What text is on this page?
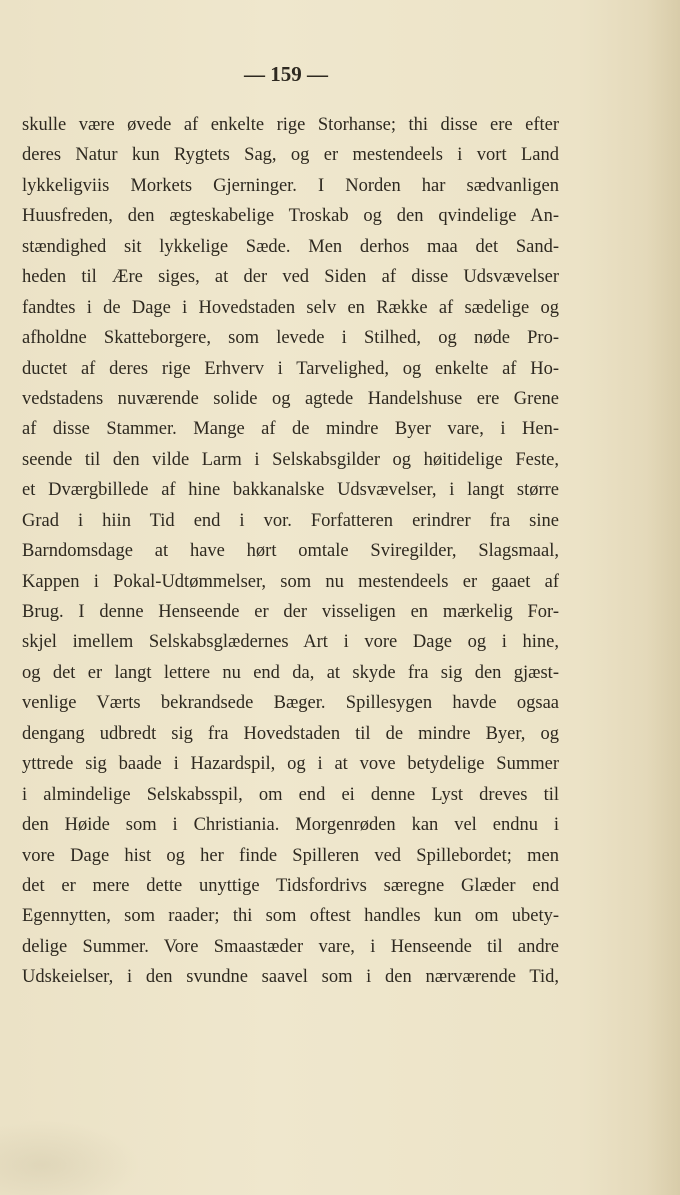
— 159 —
skulle være øvede af enkelte rige Storhanse; thi disse ere efter
deres Natur kun Rygtets Sag, og er mestendeels i vort Land
lykkeligviis Morkets Gjerninger. I Norden har sædvanligen
Huusfreden, den ægteskabelige Troskab og den qvindelige An-
stændighed sit lykkelige Sæde. Men derhos maa det Sand-
heden til Ære siges, at der ved Siden af disse Udsvævelser
fandtes i de Dage i Hovedstaden selv en Række af sædelige og
afholdne Skatteborgere, som levede i Stilhed, og nøde Pro-
ductet af deres rige Erhverv i Tarvelighed, og enkelte af Ho-
vedstadens nuværende solide og agtede Handelshuse ere Grene
af disse Stammer. Mange af de mindre Byer vare, i Hen-
seende til den vilde Larm i Selskabsgilder og høitidelige Feste,
et Dværgbillede af hine bakkanalske Udsvævelser, i langt større
Grad i hiin Tid end i vor. Forfatteren erindrer fra sine
Barndomsdage at have hørt omtale Sviregilder, Slagsmaal,
Kappen i Pokal-Udtømmelser, som nu mestendeels er gaaet af
Brug. I denne Henseende er der visseligen en mærkelig For-
skjel imellem Selskabsglædernes Art i vore Dage og i hine,
og det er langt lettere nu end da, at skyde fra sig den gjæst-
venlige Værts bekrandsede Bæger. Spillesygen havde ogsaa
dengang udbredt sig fra Hovedstaden til de mindre Byer, og
yttrede sig baade i Hazardspil, og i at vove betydelige Summer
i almindelige Selskabsspil, om end ei denne Lyst dreves til
den Høide som i Christiania. Morgenrøden kan vel endnu i
vore Dage hist og her finde Spilleren ved Spillebordet; men
det er mere dette unyttige Tidsfordrivs særegne Glæder end
Egennytten, som raader; thi som oftest handles kun om ubety-
delige Summer. Vore Smaastæder vare, i Henseende til andre
Udskeielser, i den svundne saavel som i den nærværende Tid,
